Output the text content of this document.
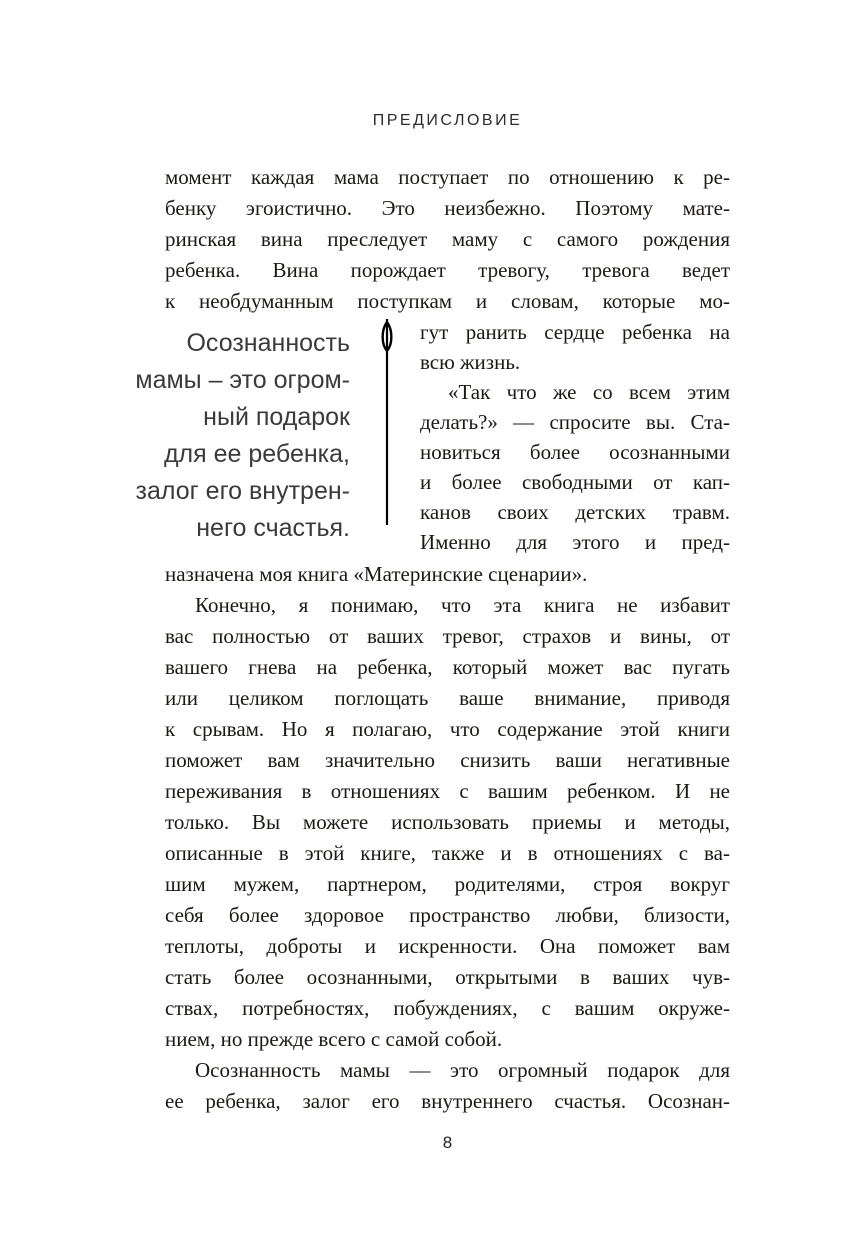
ПРЕДИСЛОВИЕ
момент каждая мама поступает по отношению к ре-
бенку эгоистично. Это неизбежно. Поэтому мате-
ринская вина преследует маму с самого рождения
ребенка. Вина порождает тревогу, тревога ведет
к необдуманным поступкам и словам, которые мо-
Осознанность
мамы – это огром-
ный подарок
для ее ребенка,
залог его внутрен-
него счастья.
гут ранить сердце ребенка на
всю жизнь.
«Так что же со всем этим
делать?» — спросите вы. Ста-
новиться более осознанными
и более свободными от кап-
канов своих детских травм.
Именно для этого и пред-
назначена моя книга «Материнские сценарии».
Конечно, я понимаю, что эта книга не избавит
вас полностью от ваших тревог, страхов и вины, от
вашего гнева на ребенка, который может вас пугать
или целиком поглощать ваше внимание, приводя
к срывам. Но я полагаю, что содержание этой книги
поможет вам значительно снизить ваши негативные
переживания в отношениях с вашим ребенком. И не
только. Вы можете использовать приемы и методы,
описанные в этой книге, также и в отношениях с ва-
шим мужем, партнером, родителями, строя вокруг
себя более здоровое пространство любви, близости,
теплоты, доброты и искренности. Она поможет вам
стать более осознанными, открытыми в ваших чув-
ствах, потребностях, побуждениях, с вашим окруже-
нием, но прежде всего с самой собой.
Осознанность мамы — это огромный подарок для
ее ребенка, залог его внутреннего счастья. Осознан-
8
